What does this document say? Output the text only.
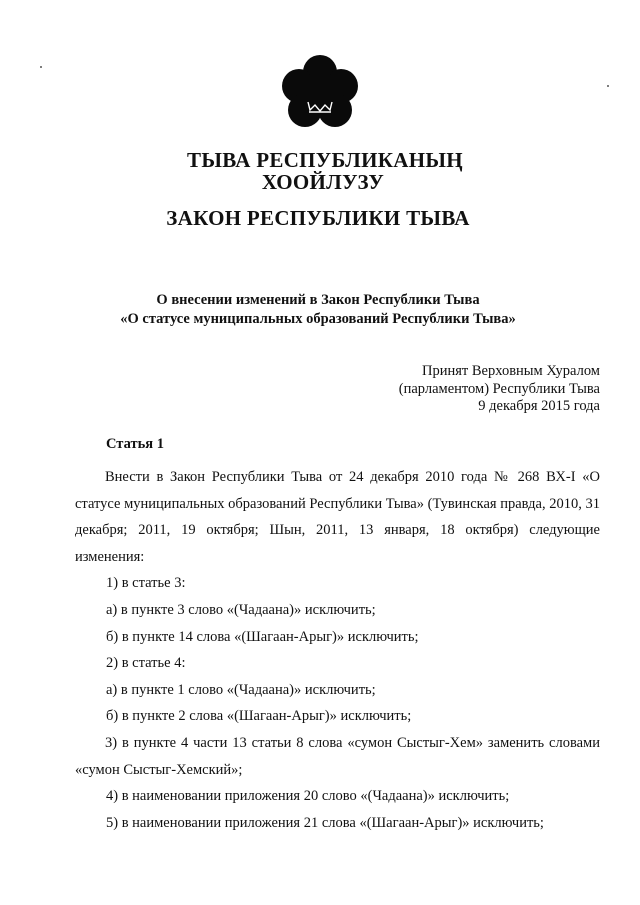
ТЫВА РЕСПУБЛИКАНЫҢ
ХООЙЛУЗУ
ЗАКОН РЕСПУБЛИКИ ТЫВА
О внесении изменений в Закон Республики Тыва
«О статусе муниципальных образований Республики Тыва»
Принят Верховным Хуралом
(парламентом) Республики Тыва
9 декабря 2015 года
Статья 1

Внести в Закон Республики Тыва от 24 декабря 2010 года № 268 ВХ-I «О статусе муниципальных образований Республики Тыва» (Тувинская правда, 2010, 31 декабря; 2011, 19 октября; Шын, 2011, 13 января, 18 октября) следующие изменения:

1) в статье 3:

а) в пункте 3 слово «(Чадаана)» исключить;

б) в пункте 14 слова «(Шагаан-Арыг)» исключить;

2) в статье 4:

а) в пункте 1 слово «(Чадаана)» исключить;

б) в пункте 2 слова «(Шагаан-Арыг)» исключить;

3) в пункте 4 части 13 статьи 8 слова «сумон Сыстыг-Хем» заменить словами «сумон Сыстыг-Хемский»;

4) в наименовании приложения 20 слово «(Чадаана)» исключить;

5) в наименовании приложения 21 слова «(Шагаан-Арыг)» исключить;
